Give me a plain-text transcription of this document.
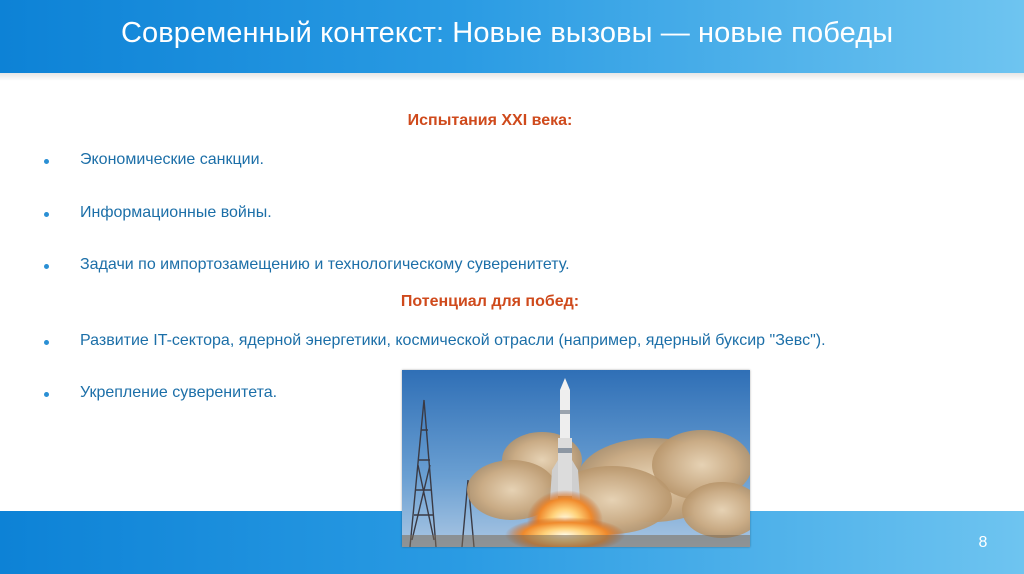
Современный контекст: Новые вызовы — новые победы

Испытания XXI века:

Экономические санкции.
Информационные войны.
Задачи по импортозамещению и технологическому суверенитету.

Потенциал для побед:

Развитие IT-сектора, ядерной энергетики, космической отрасли (например, ядерный буксир "Зевс").
Укрепление суверенитета.
8
